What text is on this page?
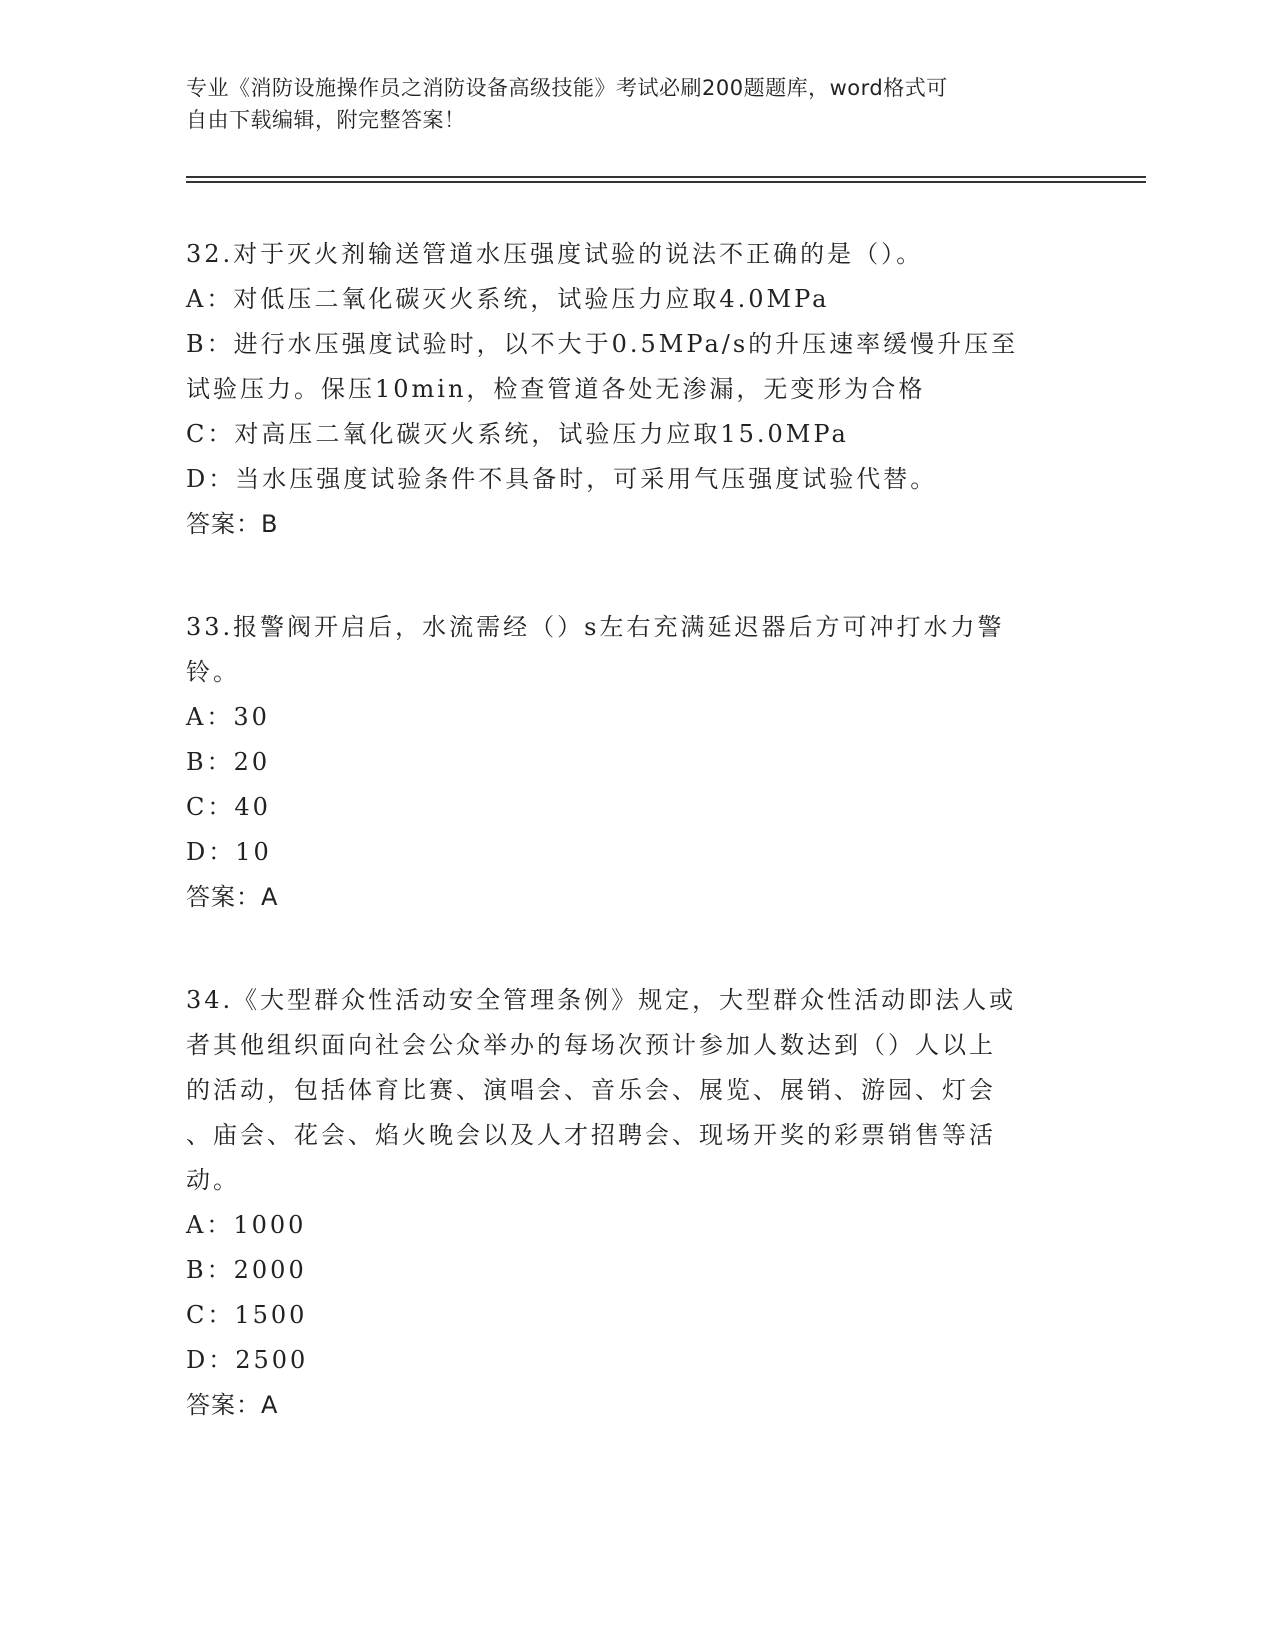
专业《消防设施操作员之消防设备高级技能》考试必刷200题题库，word格式可
自由下载编辑，附完整答案！
32.对于灭火剂输送管道水压强度试验的说法不正确的是（）。
A：对低压二氧化碳灭火系统，试验压力应取4.0MPa
B：进行水压强度试验时，以不大于0.5MPa/s的升压速率缓慢升压至
试验压力。保压10min，检查管道各处无渗漏，无变形为合格
C：对高压二氧化碳灭火系统，试验压力应取15.0MPa
D：当水压强度试验条件不具备时，可采用气压强度试验代替。
答案：B
33.报警阀开启后，水流需经（）s左右充满延迟器后方可冲打水力警
铃。
A：30
B：20
C：40
D：10
答案：A
34.《大型群众性活动安全管理条例》规定，大型群众性活动即法人或
者其他组织面向社会公众举办的每场次预计参加人数达到（）人以上
的活动，包括体育比赛、演唱会、音乐会、展览、展销、游园、灯会
、庙会、花会、焰火晚会以及人才招聘会、现场开奖的彩票销售等活
动。
A：1000
B：2000
C：1500
D：2500
答案：A
